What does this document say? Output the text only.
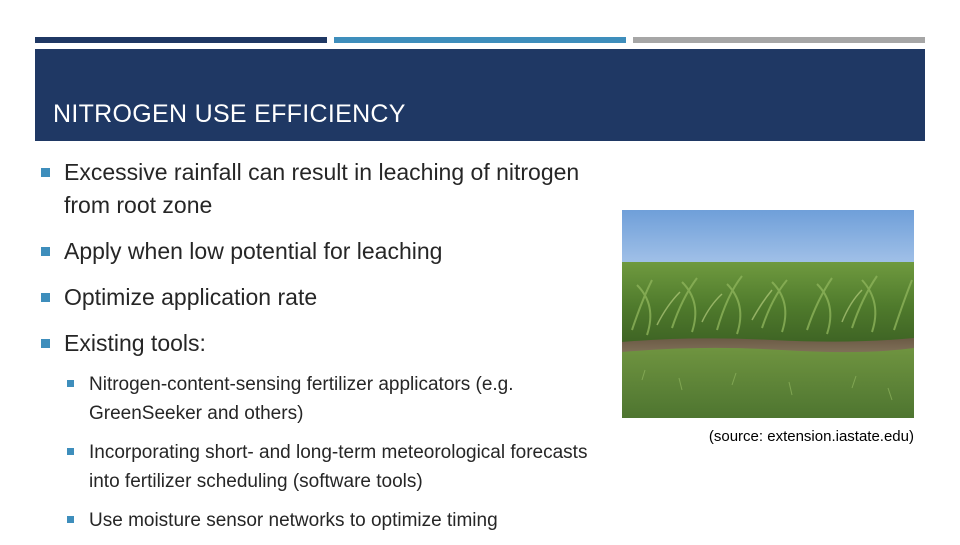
NITROGEN USE EFFICIENCY
Excessive rainfall can result in leaching of nitrogen from root zone
Apply when low potential for leaching
Optimize application rate
Existing tools:
Nitrogen-content-sensing fertilizer applicators (e.g. GreenSeeker and others)
Incorporating short- and long-term meteorological forecasts into fertilizer scheduling (software tools)
Use moisture sensor networks to optimize timing
(source: extension.iastate.edu)
